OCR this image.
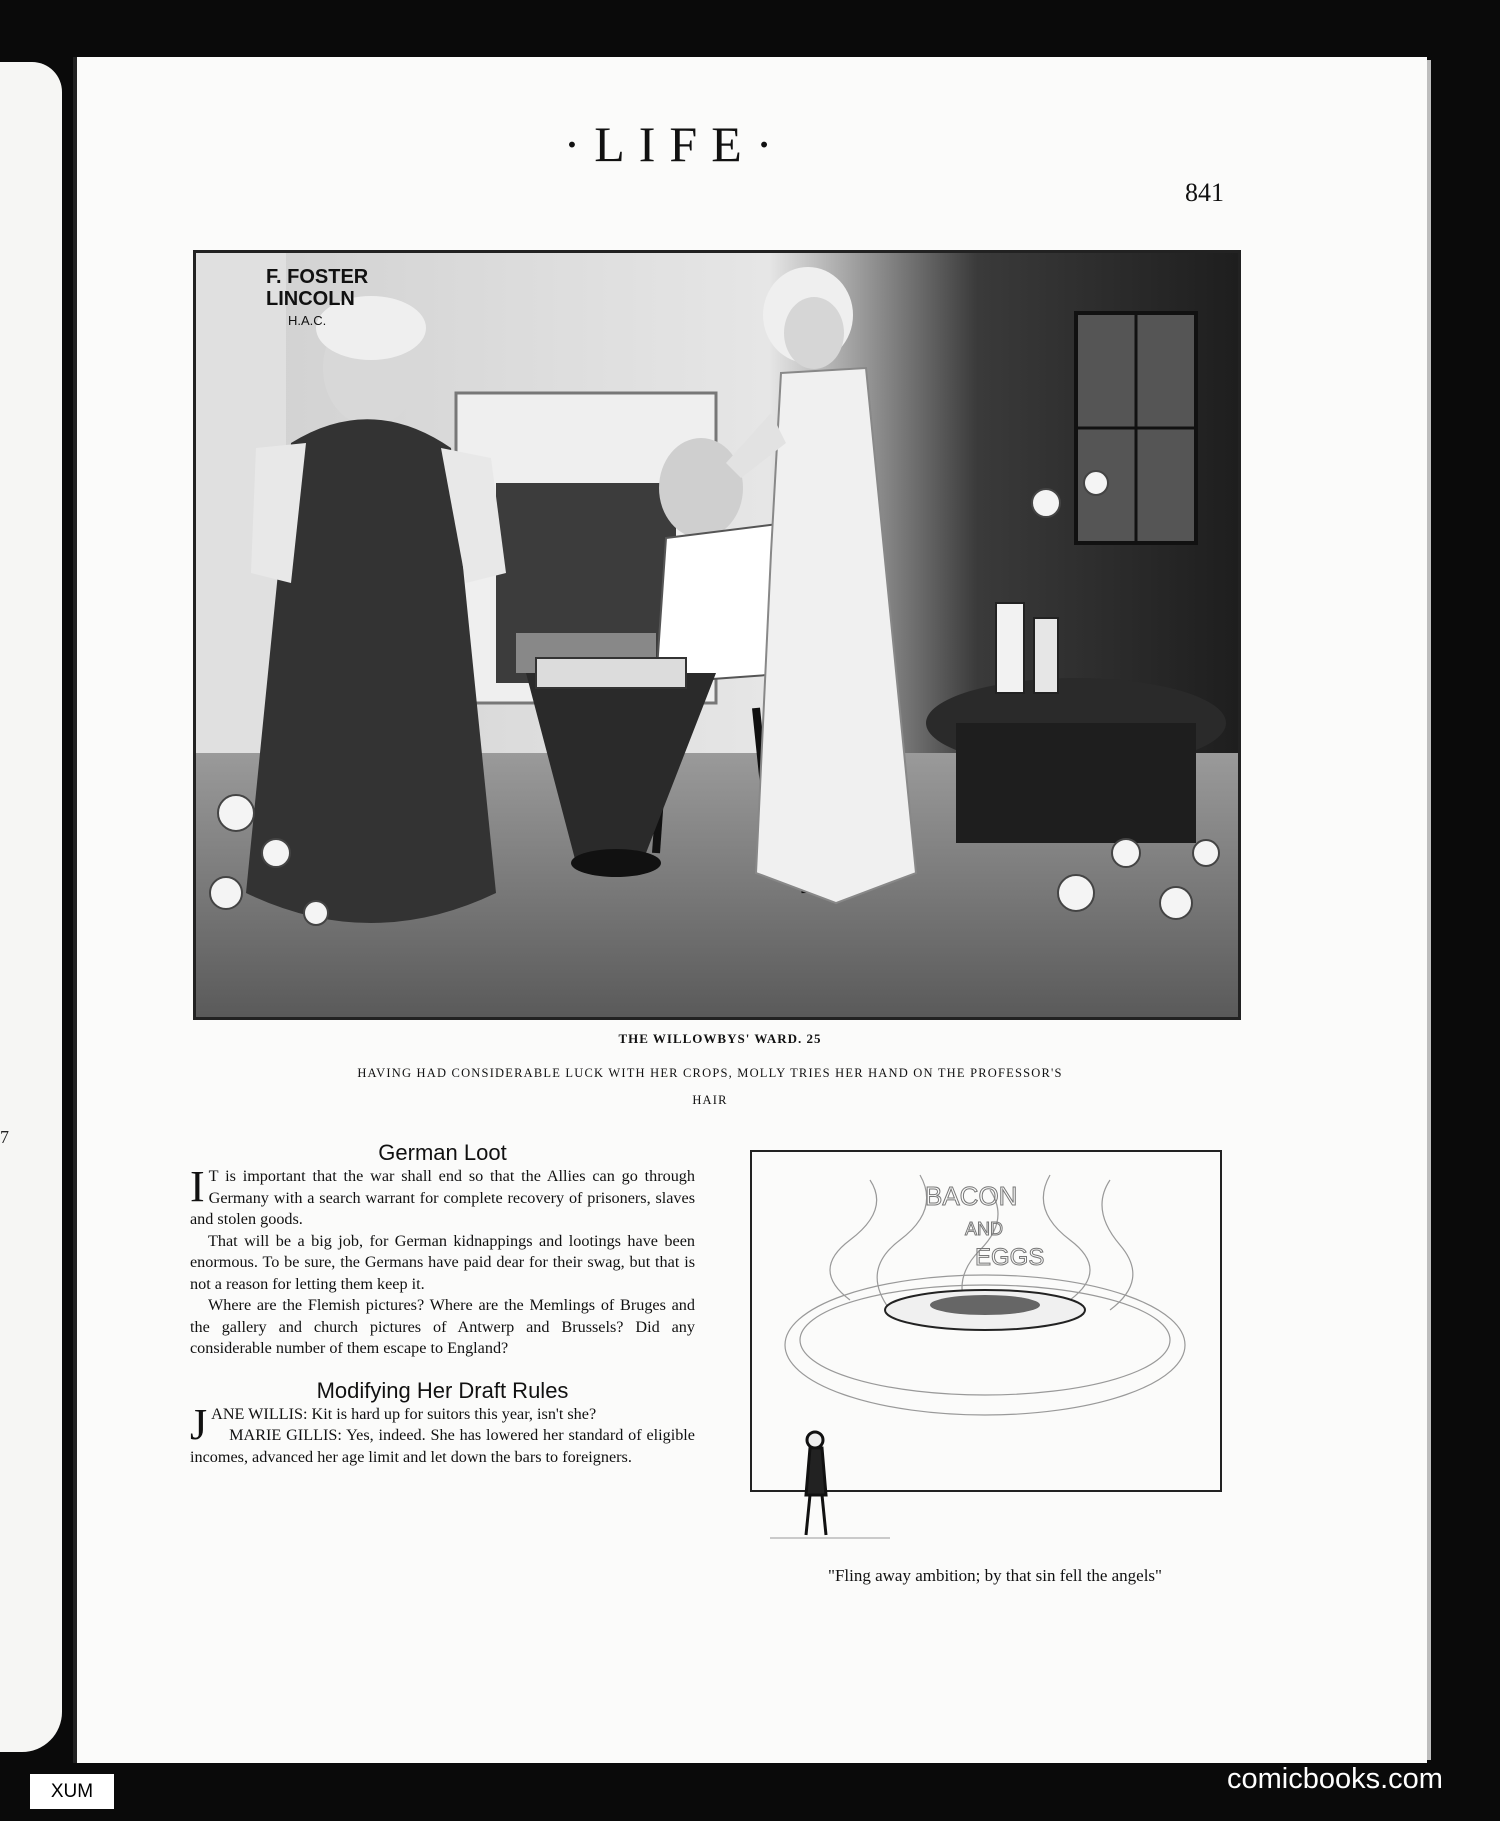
7
·LIFE·
841
F. FOSTER
LINCOLN
H.A.C.
THE WILLOWBYS' WARD. 25
HAVING HAD CONSIDERABLE LUCK WITH HER CROPS, MOLLY TRIES HER HAND ON THE PROFESSOR'S HAIR
German Loot

I T is important that the war shall end so that the Allies can go through Germany with a search warrant for complete recovery of prisoners, slaves and stolen goods.

That will be a big job, for German kidnappings and lootings have been enormous. To be sure, the Germans have paid dear for their swag, but that is not a reason for letting them keep it.

Where are the Flemish pictures? Where are the Memlings of Bruges and the gallery and church pictures of Antwerp and Brussels? Did any considerable number of them escape to England?

Modifying Her Draft Rules

JANE WILLIS: Kit is hard up for suitors this year, isn't she?

MARIE GILLIS: Yes, indeed. She has lowered her standard of eligible incomes, advanced her age limit and let down the bars to foreigners.

BACON
AND
EGGS
"Fling away ambition; by that sin fell the angels"
XUM	comicbooks.com
